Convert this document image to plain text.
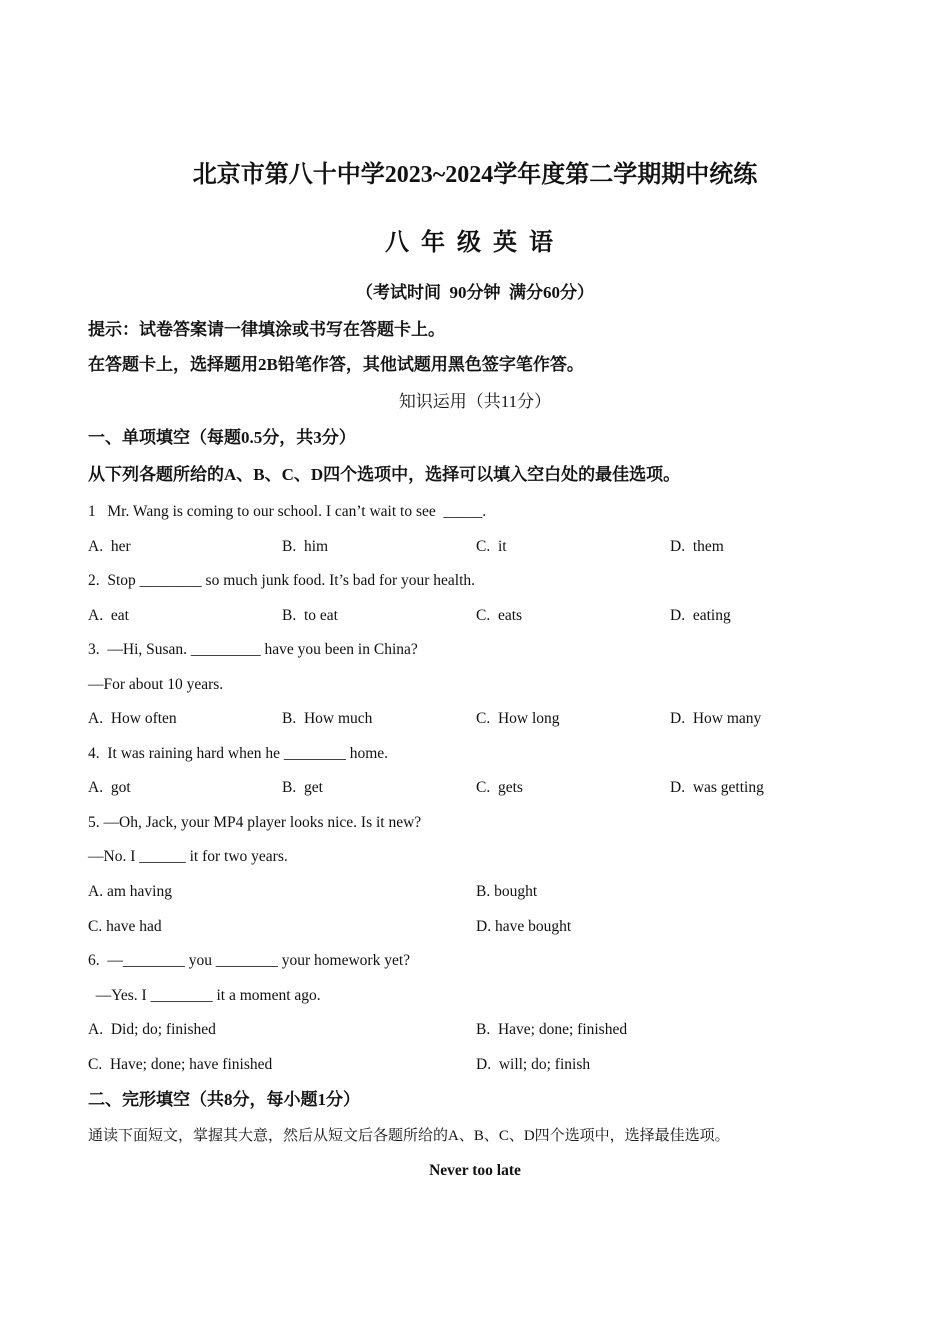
北京市第八十中学2023~2024学年度第二学期期中统练
八年级英语
（考试时间  90分钟  满分60分）
提示：试卷答案请一律填涂或书写在答题卡上。
在答题卡上，选择题用2B铅笔作答，其他试题用黑色签字笔作答。
知识运用（共11分）
一、单项填空（每题0.5分，共3分）
从下列各题所给的A、B、C、D四个选项中，选择可以填入空白处的最佳选项。
1   Mr. Wang is coming to our school. I can’t wait to see  _____.
A.  her	B.  him	C.  it	D.  them
2.  Stop ________ so much junk food. It’s bad for your health.
A.  eat	B.  to eat	C.  eats	D.  eating
3.  —Hi, Susan. _________ have you been in China?
—For about 10 years.
A.  How often	B.  How much	C.  How long	D.  How many
4.  It was raining hard when he ________ home.
A.  got	B.  get	C.  gets	D.  was getting
5. —Oh, Jack, your MP4 player looks nice. Is it new?
—No. I ______ it for two years.
A. am having	B. bought
C. have had	D. have bought
6.  —________ you ________ your homework yet?
—Yes. I ________ it a moment ago.
A.  Did; do; finished	B.  Have; done; finished
C.  Have; done; have finished	D.  will; do; finish
二、完形填空（共8分，每小题1分）
通读下面短文，掌握其大意，然后从短文后各题所给的A、B、C、D四个选项中，选择最佳选项。
Never too late
